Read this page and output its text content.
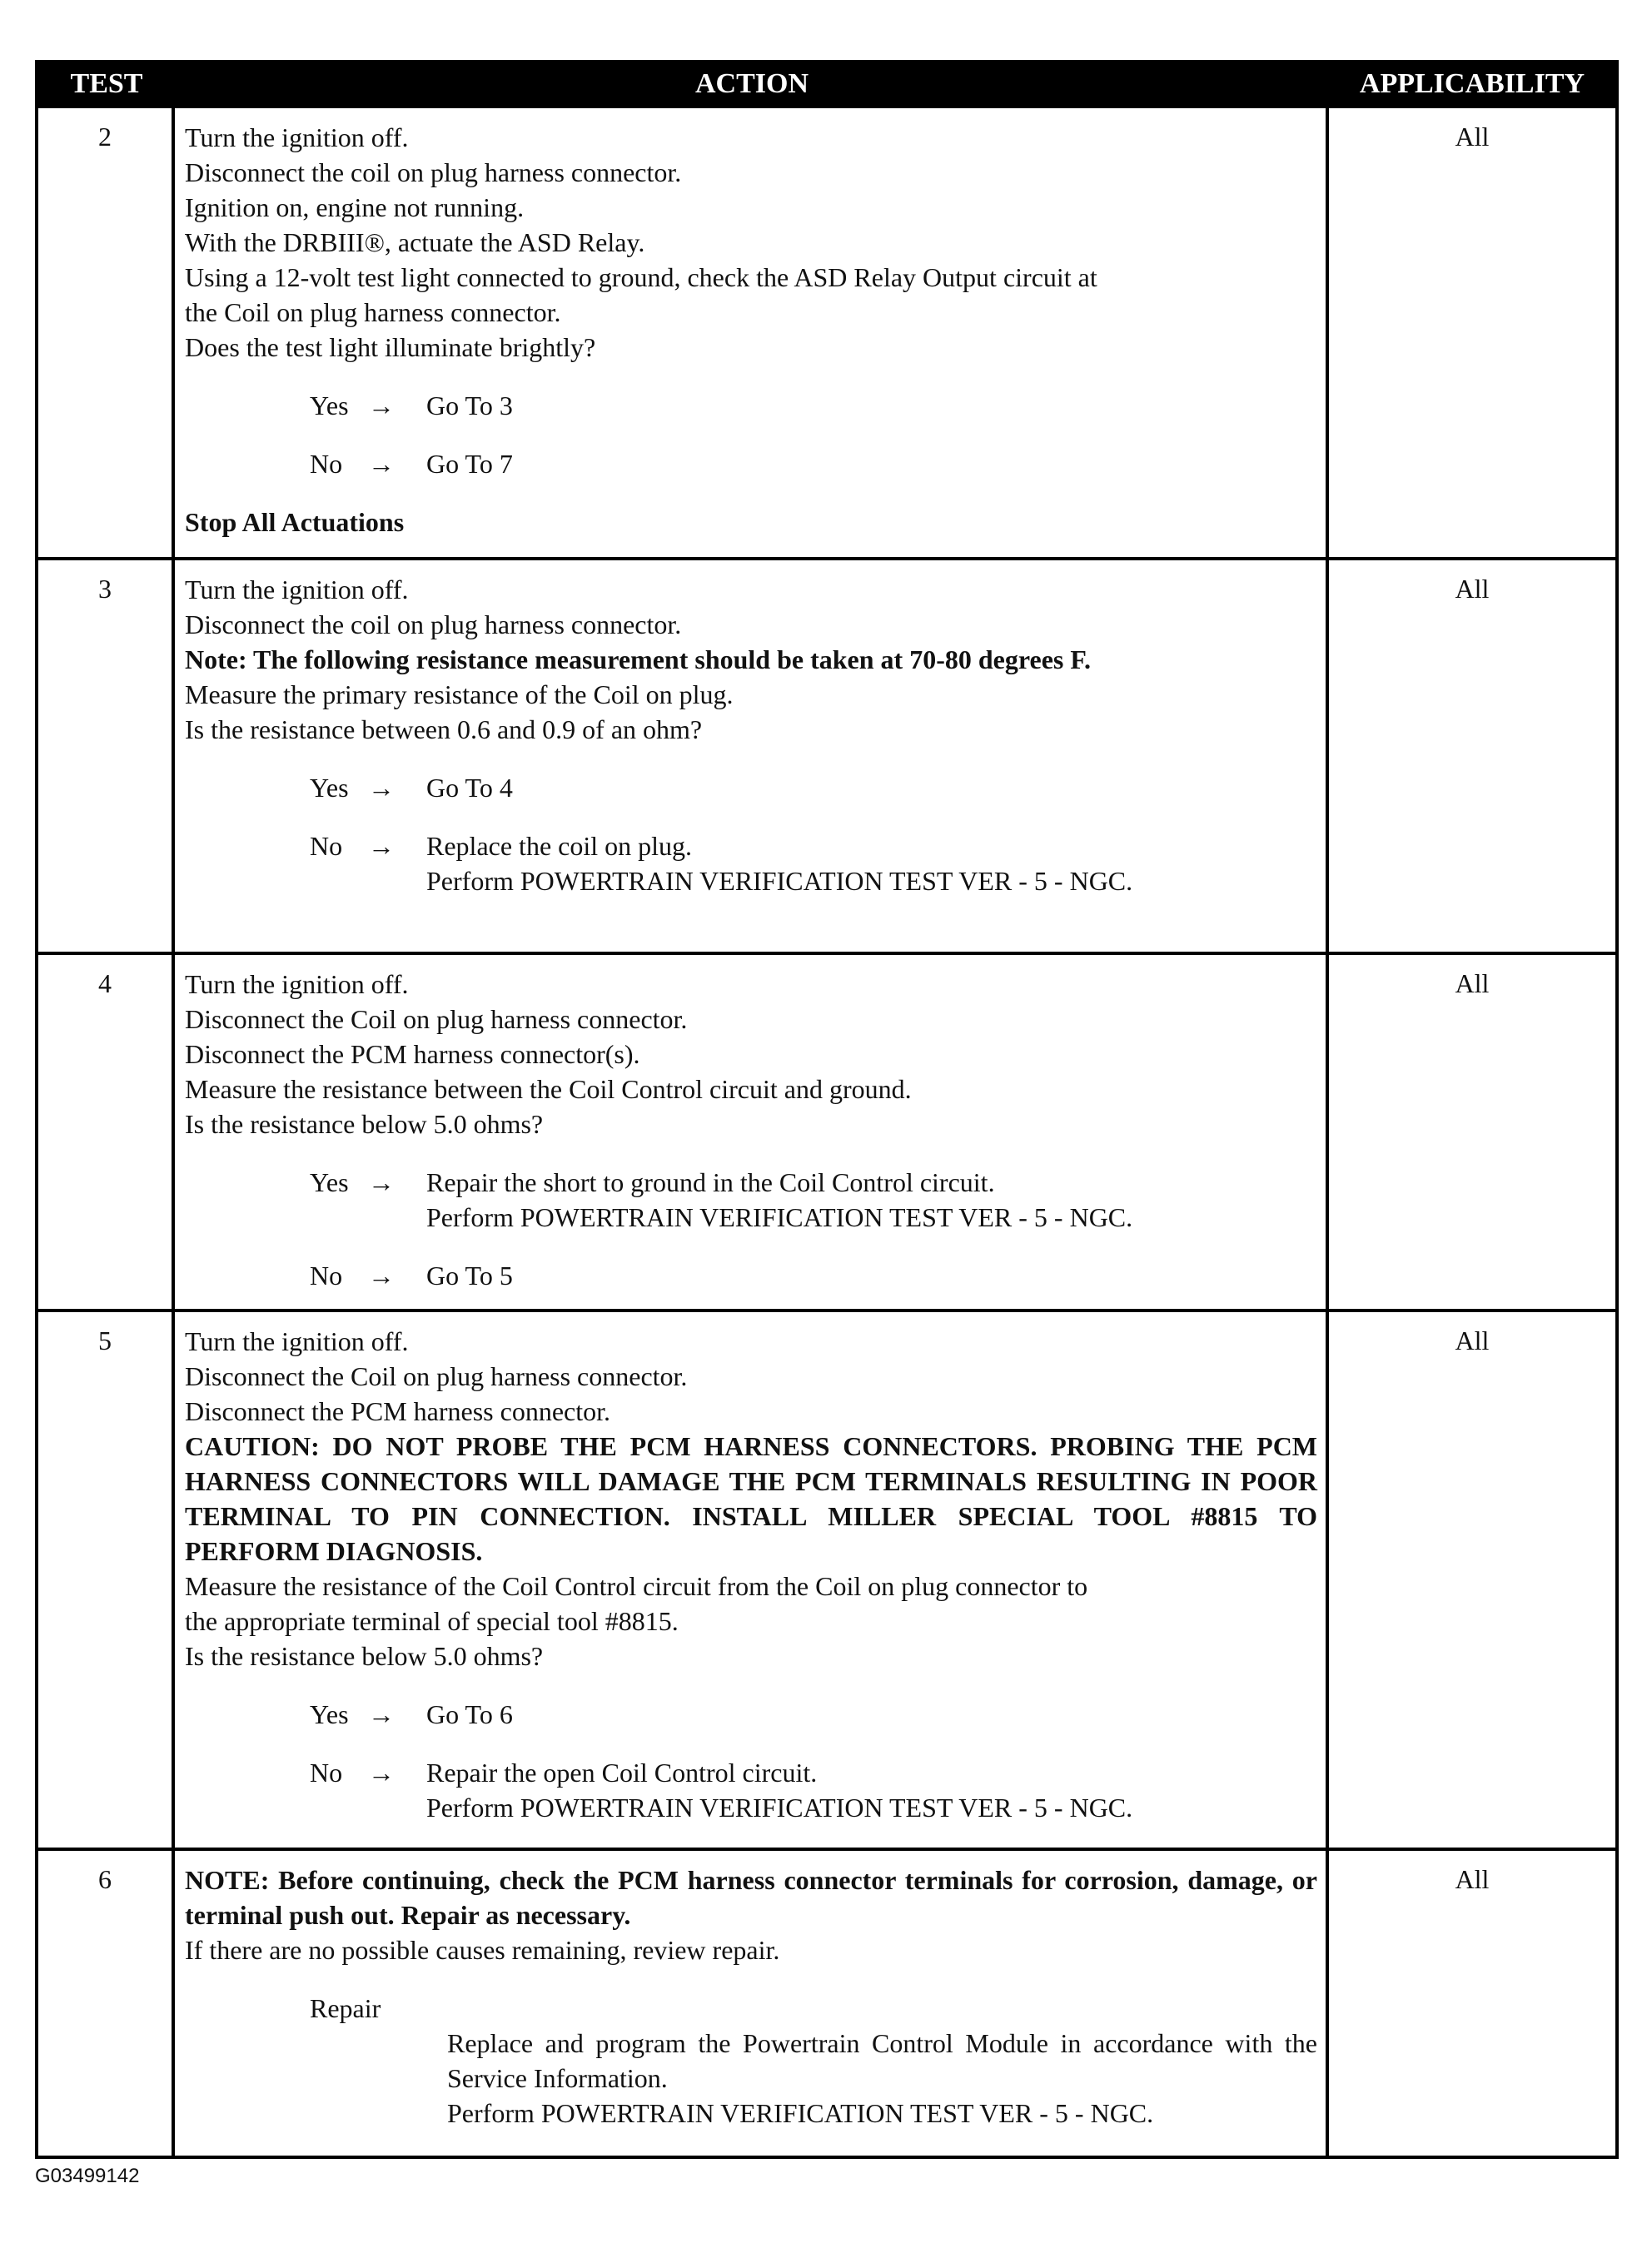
TEST	ACTION	APPLICABILITY
2	Turn the ignition off.
Disconnect the coil on plug harness connector.
Ignition on, engine not running.
With the DRBIII®, actuate the ASD Relay.
Using a 12-volt test light connected to ground, check the ASD Relay Output circuit at
the Coil on plug harness connector.
Does the test light illuminate brightly?
Yes →	Go To 3
No →	Go To 7
Stop All Actuations
All
3	Turn the ignition off.
Disconnect the coil on plug harness connector.
Note: The following resistance measurement should be taken at 70-80 degrees F.
Measure the primary resistance of the Coil on plug.
Is the resistance between 0.6 and 0.9 of an ohm?
Yes →	Go To 4
No →	Replace the coil on plug.
Perform POWERTRAIN VERIFICATION TEST VER - 5 - NGC.
All
4	Turn the ignition off.
Disconnect the Coil on plug harness connector.
Disconnect the PCM harness connector(s).
Measure the resistance between the Coil Control circuit and ground.
Is the resistance below 5.0 ohms?
Yes →	Repair the short to ground in the Coil Control circuit.
Perform POWERTRAIN VERIFICATION TEST VER - 5 - NGC.
No →	Go To 5
All
5	Turn the ignition off.
Disconnect the Coil on plug harness connector.
Disconnect the PCM harness connector.
CAUTION: DO NOT PROBE THE PCM HARNESS CONNECTORS. PROBING THE PCM HARNESS CONNECTORS WILL DAMAGE THE PCM TERMINALS RESULTING IN POOR TERMINAL TO PIN CONNECTION. INSTALL MILLER SPECIAL TOOL #8815 TO PERFORM DIAGNOSIS.
Measure the resistance of the Coil Control circuit from the Coil on plug connector to
the appropriate terminal of special tool #8815.
Is the resistance below 5.0 ohms?
Yes →	Go To 6
No →	Repair the open Coil Control circuit.
Perform POWERTRAIN VERIFICATION TEST VER - 5 - NGC.
All
6	NOTE: Before continuing, check the PCM harness connector terminals for corrosion, damage, or terminal push out. Repair as necessary.
If there are no possible causes remaining, review repair.
Repair
Replace and program the Powertrain Control Module in accordance with the Service Information.
Perform POWERTRAIN VERIFICATION TEST VER - 5 - NGC.
All
G03499142
